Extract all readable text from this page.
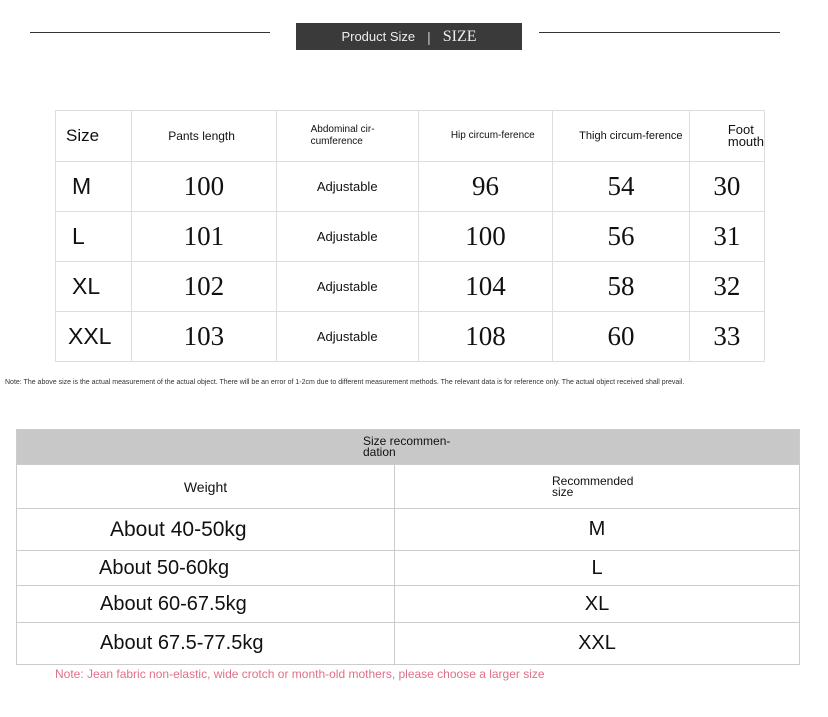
Product Size | SIZE
Size	Pants length	Abdominal cir-cumference	Hip circum-ference	Thigh circum-ference	Foot mouth
M	100	Adjustable	96	54	30
L	101	Adjustable	100	56	31
XL	102	Adjustable	104	58	32
XXL	103	Adjustable	108	60	33
Note: The above size is the actual measurement of the actual object. There will be an error of 1-2cm due to different measurement methods. The relevant data is for reference only. The actual object received shall prevail.
Size recommen-dation	

Weight	Recommended size

About 40-50kg	M
About 50-60kg	L
About 60-67.5kg	XL
About 67.5-77.5kg	XXL
Note: Jean fabric non-elastic, wide crotch or month-old mothers, please choose a larger size
